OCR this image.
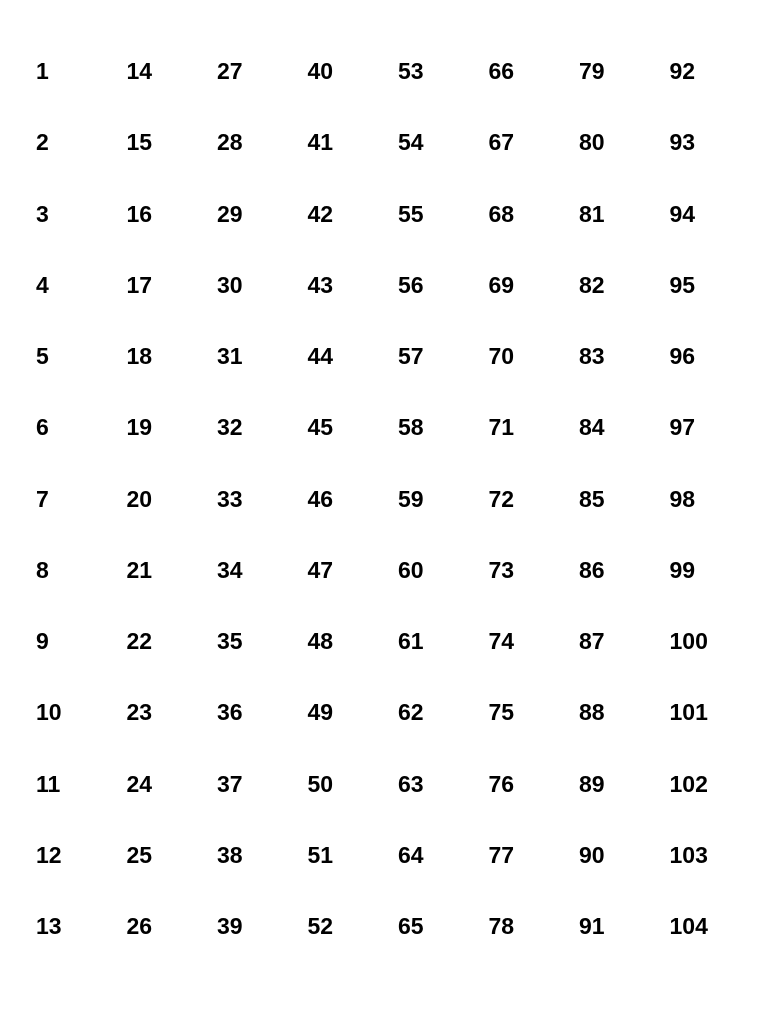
1
2
3
4
5
6
7
8
9
10
11
12
13
14
15
16
17
18
19
20
21
22
23
24
25
26
27
28
29
30
31
32
33
34
35
36
37
38
39
40
41
42
43
44
45
46
47
48
49
50
51
52
53
54
55
56
57
58
59
60
61
62
63
64
65
66
67
68
69
70
71
72
73
74
75
76
77
78
79
80
81
82
83
84
85
86
87
88
89
90
91
92
93
94
95
96
97
98
99
100
101
102
103
104
